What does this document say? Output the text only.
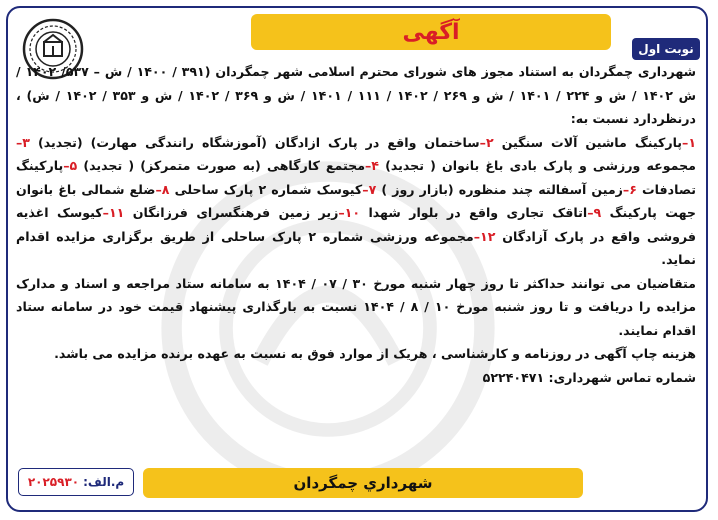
آگهی
نوبت اول
شهرداری چمگردان به استناد مجوز های شورای محترم اسلامی شهر چمگردان (۳۹۱ / ۱۴۰۰ / ش – ۵۳۷/ ۱۴۰۲ / ش ۱۴۰۲ / ش و ۲۲۴ / ۱۴۰۱ / ش و ۲۶۹ / ۱۴۰۲ / ۱۱۱ / ۱۴۰۱ / ش و ۳۶۹ / ۱۴۰۲ / ش و ۳۵۳ / ۱۴۰۲ / ش) ، درنظردارد نسبت به:
۱–پارکینگ ماشین آلات سنگین ۲–ساختمان واقع در پارک ازادگان (آموزشگاه رانندگی مهارت) (تجدید) ۳–مجموعه ورزشی و پارک بادی باغ بانوان ( تجدید) ۴–مجتمع کارگاهی (به صورت متمرکز) ( تجدید) ۵–پارکینگ تصادفات ۶–زمین آسفالته چند منظوره (بازار روز ) ۷–کیوسک شماره ۲ پارک ساحلی ۸–ضلع شمالی باغ بانوان جهت پارکینگ ۹–اتاقک تجاری واقع در بلوار شهدا ۱۰–زیر زمین فرهنگسرای فرزانگان ۱۱–کیوسک اغذیه فروشی واقع در پارک آزادگان ۱۲–مجموعه ورزشی شماره ۲ پارک ساحلی از طریق برگزاری مزایده اقدام نماید.
متقاضیان می توانند حداکثر تا روز چهار شنبه مورخ ۳۰ / ۰۷ / ۱۴۰۴ به سامانه ستاد مراجعه و اسناد و مدارک مزایده را دریافت و تا روز شنبه مورخ ۱۰ / ۸ / ۱۴۰۴ نسبت به بارگذاری پیشنهاد قیمت خود در سامانه ستاد اقدام نمایند.
هزینه چاپ آگهی در روزنامه و کارشناسی ، هریک از موارد فوق به نسبت به عهده برنده مزایده می باشد.
شماره تماس شهرداری: ۵۲۲۴۰۴۷۱
شهرداري چمگردان
م.الف:
۲۰۲۵۹۳۰
